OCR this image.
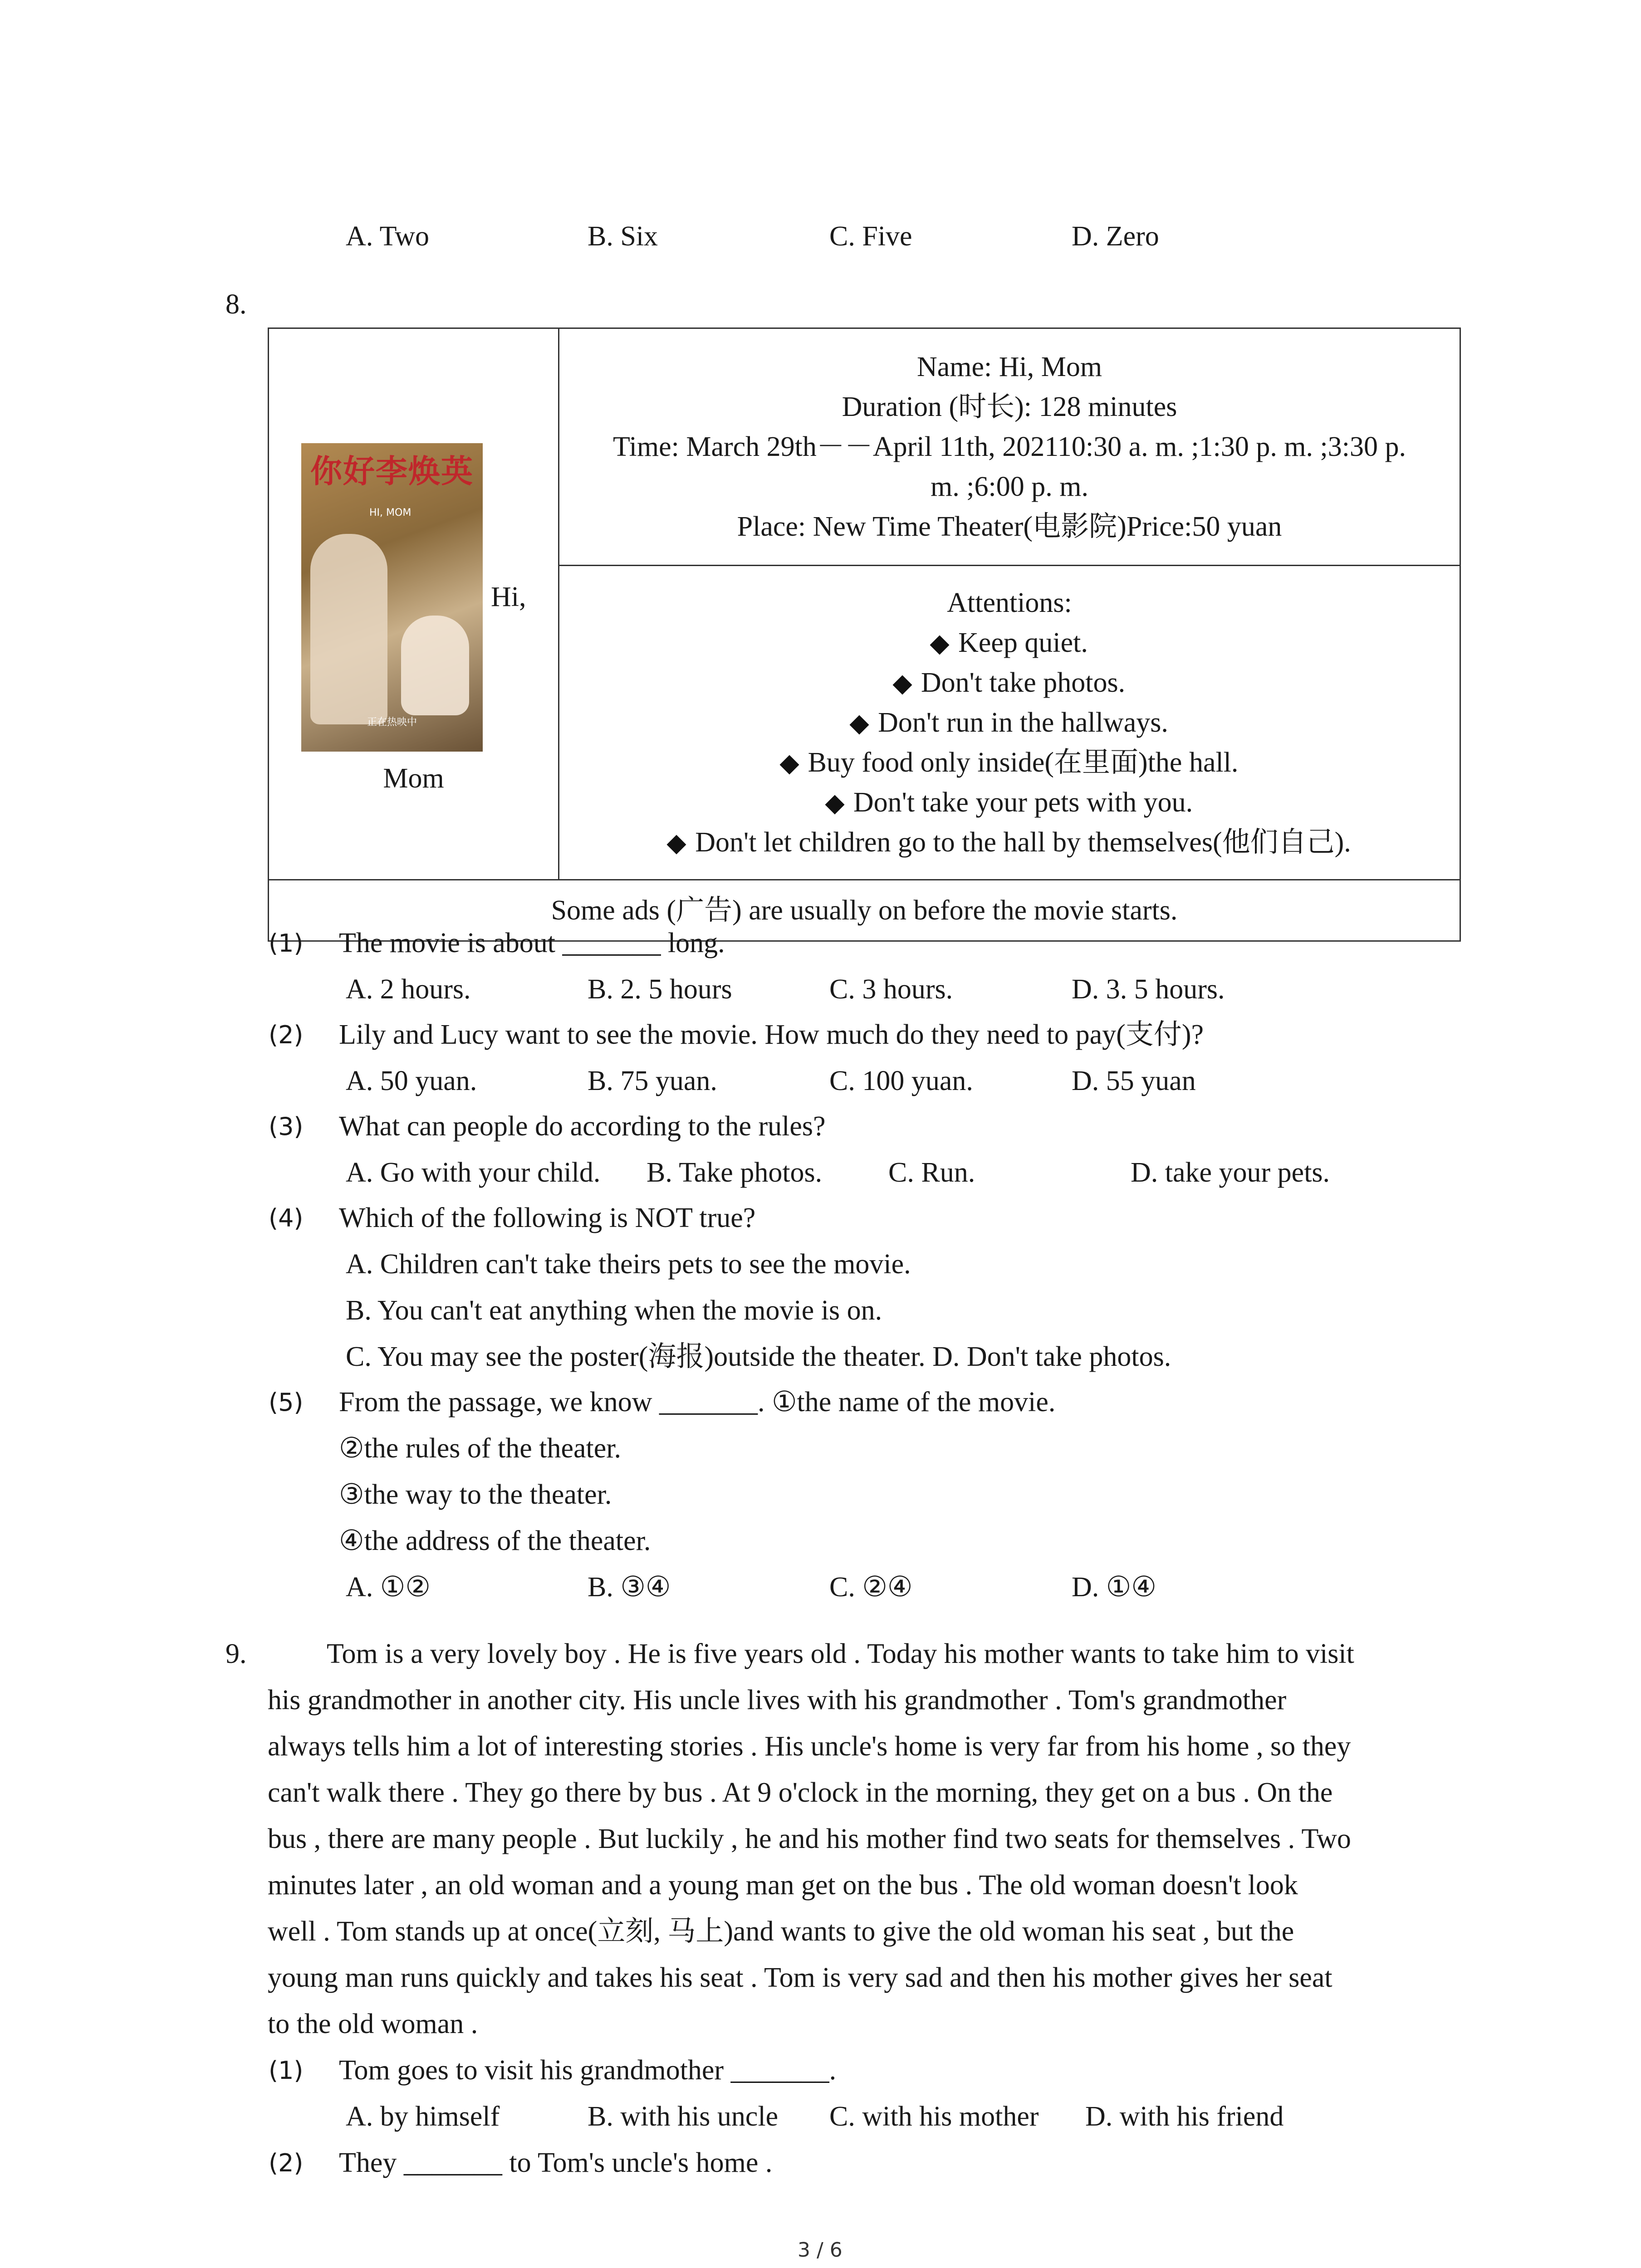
A. Two	B. Six	C. Five	D. Zero
8.
你好李焕英
HI, MOM
正在热映中
Hi,
Mom

Name: Hi, Mom
Duration (时长): 128 minutes
Time: March 29th－－April 11th, 202110:30 a. m. ;1:30 p. m. ;3:30 p.
m. ;6:00 p. m.
Place: New Time Theater(电影院)Price:50 yuan

Attentions:
Keep quiet.
Don't take photos.
Don't run in the hallways.
Buy food only inside(在里面)the hall.
Don't take your pets with you.
Don't let children go to the hall by themselves(他们自己).

Some ads (广告) are usually on before the movie starts.
(1) The movie is about _______ long.
A. 2 hours.	B. 2. 5 hours	C. 3 hours.	D. 3. 5 hours.
(2) Lily and Lucy want to see the movie. How much do they need to pay(支付)?
A. 50 yuan.	B. 75 yuan.	C. 100 yuan.	D. 55 yuan
(3) What can people do according to the rules?
A. Go with your child. B. Take photos. C. Run.	D. take your pets.
(4) Which of the following is NOT true?
A. Children can't take theirs pets to see the movie.
B. You can't eat anything when the movie is on.
C. You may see the poster(海报)outside the theater. D. Don't take photos.
(5) From the passage, we know _______. ①the name of the movie.
②the rules of the theater.
③the way to the theater.
④the address of the theater.
A. ①②	B. ③④	C. ②④	D. ①④
9.	Tom is a very lovely boy . He is five years old . Today his mother wants to take him to visit
his grandmother in another city. His uncle lives with his grandmother . Tom's grandmother
always tells him a lot of interesting stories . His uncle's home is very far from his home , so they
can't walk there . They go there by bus . At 9 o'clock in the morning, they get on a bus . On the
bus , there are many people . But luckily , he and his mother find two seats for themselves . Two
minutes later , an old woman and a young man get on the bus . The old woman doesn't look
well . Tom stands up at once(立刻, 马上)and wants to give the old woman his seat , but the
young man runs quickly and takes his seat . Tom is very sad and then his mother gives her seat
to the old woman .
(1) Tom goes to visit his grandmother _______.
A. by himself	B. with his uncle C. with his mother D. with his friend
(2) They _______ to Tom's uncle's home .
3 / 6
